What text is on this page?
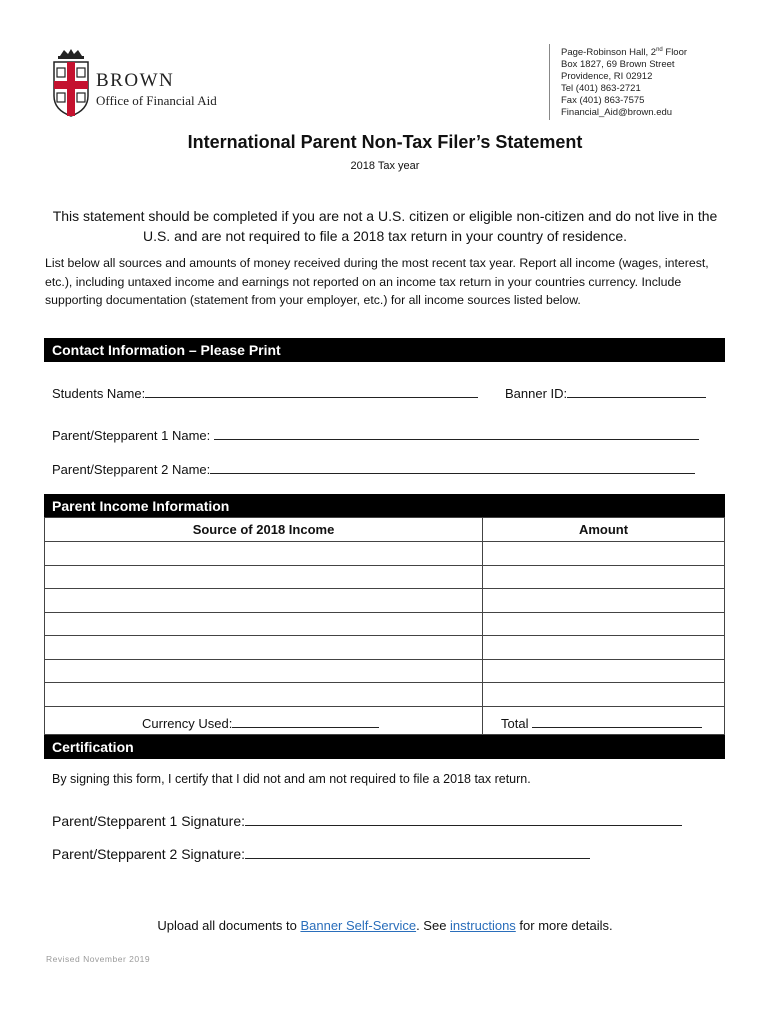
BROWN
Office of Financial Aid
Page-Robinson Hall, 2nd Floor
Box 1827, 69 Brown Street
Providence, RI 02912
Tel (401) 863-2721
Fax (401) 863-7575
Financial_Aid@brown.edu
International Parent Non-Tax Filer’s Statement
2018 Tax year
This statement should be completed if you are not a U.S. citizen or eligible non-citizen and do not live in the U.S. and are not required to file a 2018 tax return in your country of residence.
List below all sources and amounts of money received during the most recent tax year. Report all income (wages, interest, etc.), including untaxed income and earnings not reported on an income tax return in your countries currency. Include supporting documentation (statement from your employer, etc.) for all income sources listed below.
Contact Information – Please Print
Students Name:	Banner ID:
Parent/Stepparent 1 Name:
Parent/Stepparent 2 Name:
Parent Income Information
Source of 2018 Income	Amount
Currency Used:	Total
Certification
By signing this form, I certify that I did not and am not required to file a 2018 tax return.
Parent/Stepparent 1 Signature:
Parent/Stepparent 2 Signature:
Upload all documents to Banner Self-Service. See instructions for more details.
Revised November 2019
